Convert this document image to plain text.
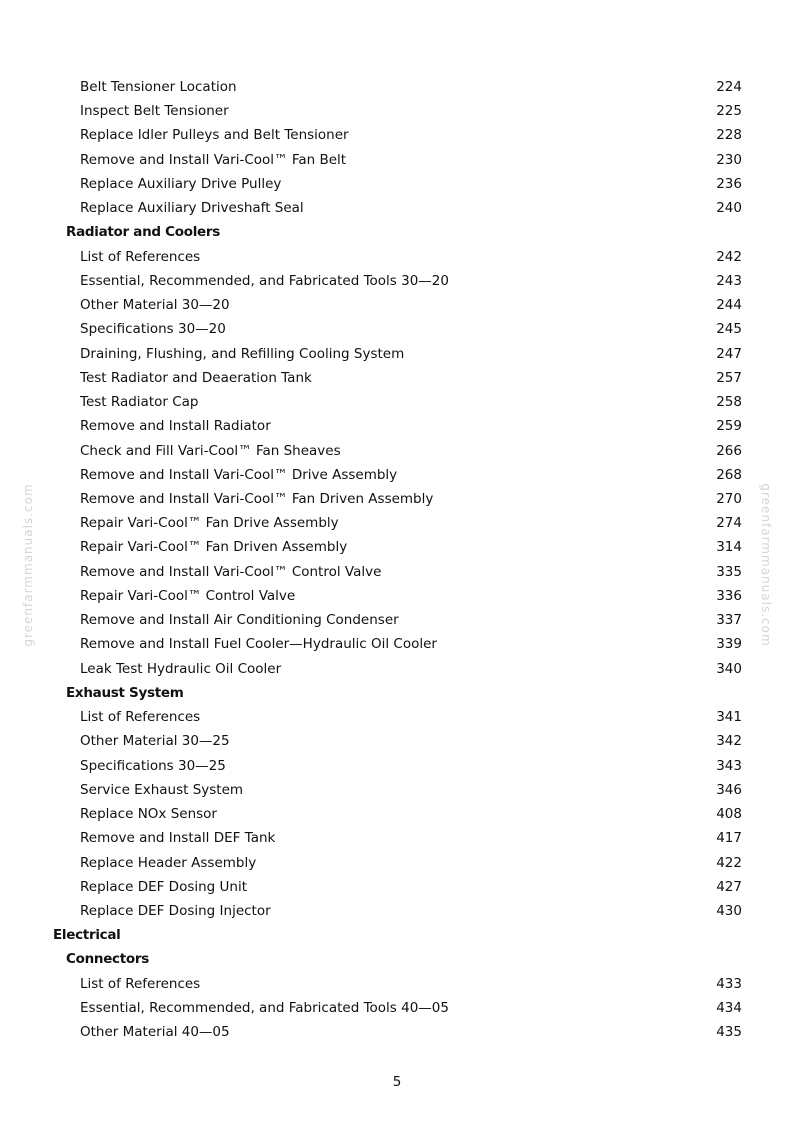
Belt Tensioner Location	224
Inspect Belt Tensioner	225
Replace Idler Pulleys and Belt Tensioner	228
Remove and Install Vari-Cool™ Fan Belt	230
Replace Auxiliary Drive Pulley	236
Replace Auxiliary Driveshaft Seal	240
Radiator and Coolers
List of References	242
Essential, Recommended, and Fabricated Tools 30—20	243
Other Material 30—20	244
Specifications 30—20	245
Draining, Flushing, and Refilling Cooling System	247
Test Radiator and Deaeration Tank	257
Test Radiator Cap	258
Remove and Install Radiator	259
Check and Fill Vari-Cool™ Fan Sheaves	266
Remove and Install Vari-Cool™ Drive Assembly	268
Remove and Install Vari-Cool™ Fan Driven Assembly	270
Repair Vari-Cool™ Fan Drive Assembly	274
Repair Vari-Cool™ Fan Driven Assembly	314
Remove and Install Vari-Cool™ Control Valve	335
Repair Vari-Cool™ Control Valve	336
Remove and Install Air Conditioning Condenser	337
Remove and Install Fuel Cooler—Hydraulic Oil Cooler	339
Leak Test Hydraulic Oil Cooler	340
Exhaust System
List of References	341
Other Material 30—25	342
Specifications 30—25	343
Service Exhaust System	346
Replace NOx Sensor	408
Remove and Install DEF Tank	417
Replace Header Assembly	422
Replace DEF Dosing Unit	427
Replace DEF Dosing Injector	430
Electrical
Connectors
List of References	433
Essential, Recommended, and Fabricated Tools 40—05	434
Other Material 40—05	435
5
greenfarmmanuals.com	greenfarmmanuals.com
